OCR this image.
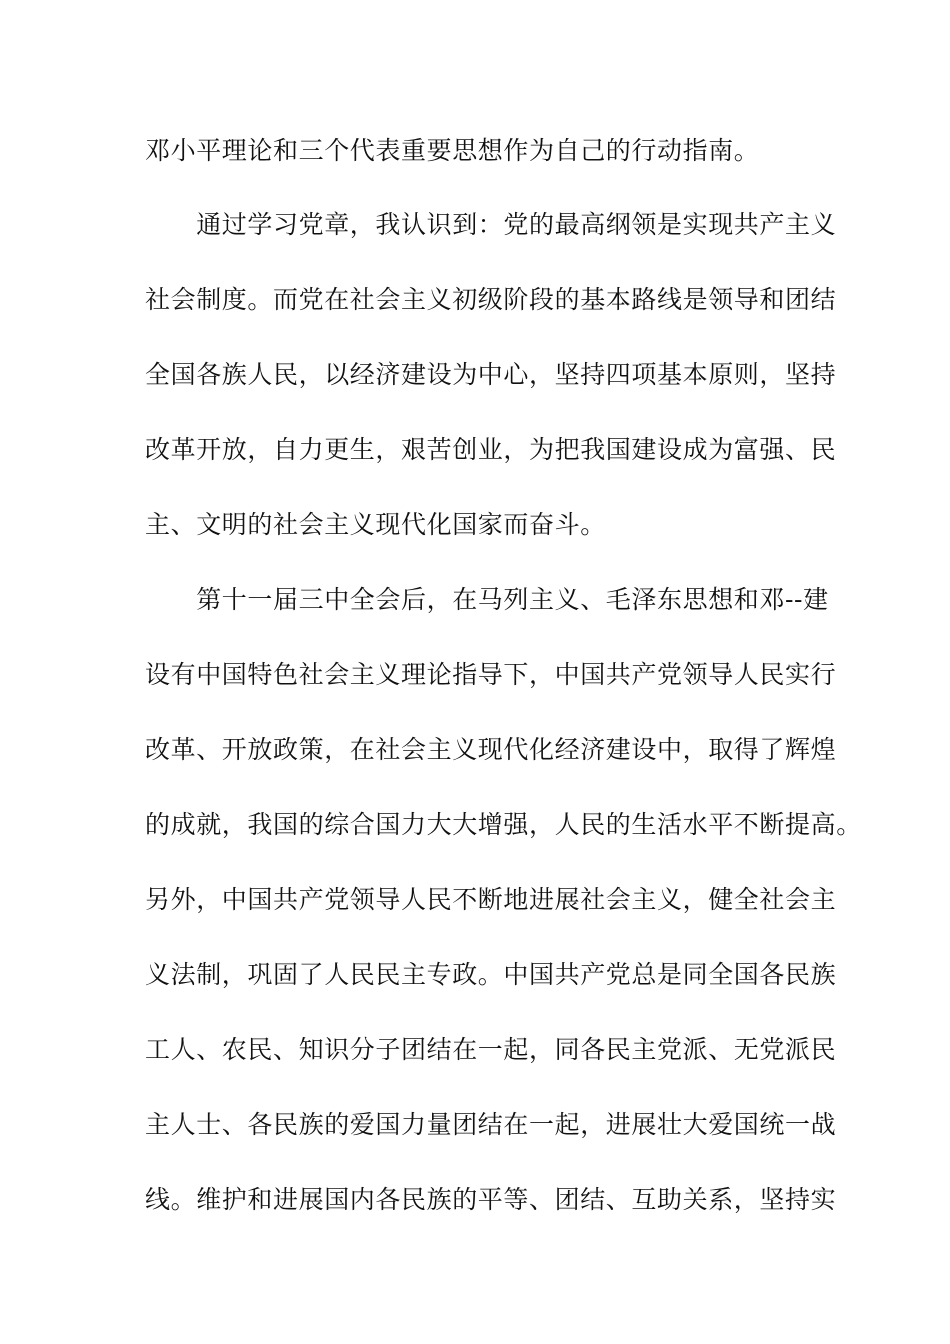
邓小平理论和三个代表重要思想作为自己的行动指南。
　　通过学习党章，我认识到：党的最高纲领是实现共产主义
社会制度。而党在社会主义初级阶段的基本路线是领导和团结
全国各族人民，以经济建设为中心，坚持四项基本原则，坚持
改革开放，自力更生，艰苦创业，为把我国建设成为富强、民
主、文明的社会主义现代化国家而奋斗。
　　第十一届三中全会后，在马列主义、毛泽东思想和邓--建
设有中国特色社会主义理论指导下，中国共产党领导人民实行
改革、开放政策，在社会主义现代化经济建设中，取得了辉煌
的成就，我国的综合国力大大增强，人民的生活水平不断提高。
另外，中国共产党领导人民不断地进展社会主义，健全社会主
义法制，巩固了人民民主专政。中国共产党总是同全国各民族
工人、农民、知识分子团结在一起，同各民主党派、无党派民
主人士、各民族的爱国力量团结在一起，进展壮大爱国统一战
线。维护和进展国内各民族的平等、团结、互助关系，坚持实
